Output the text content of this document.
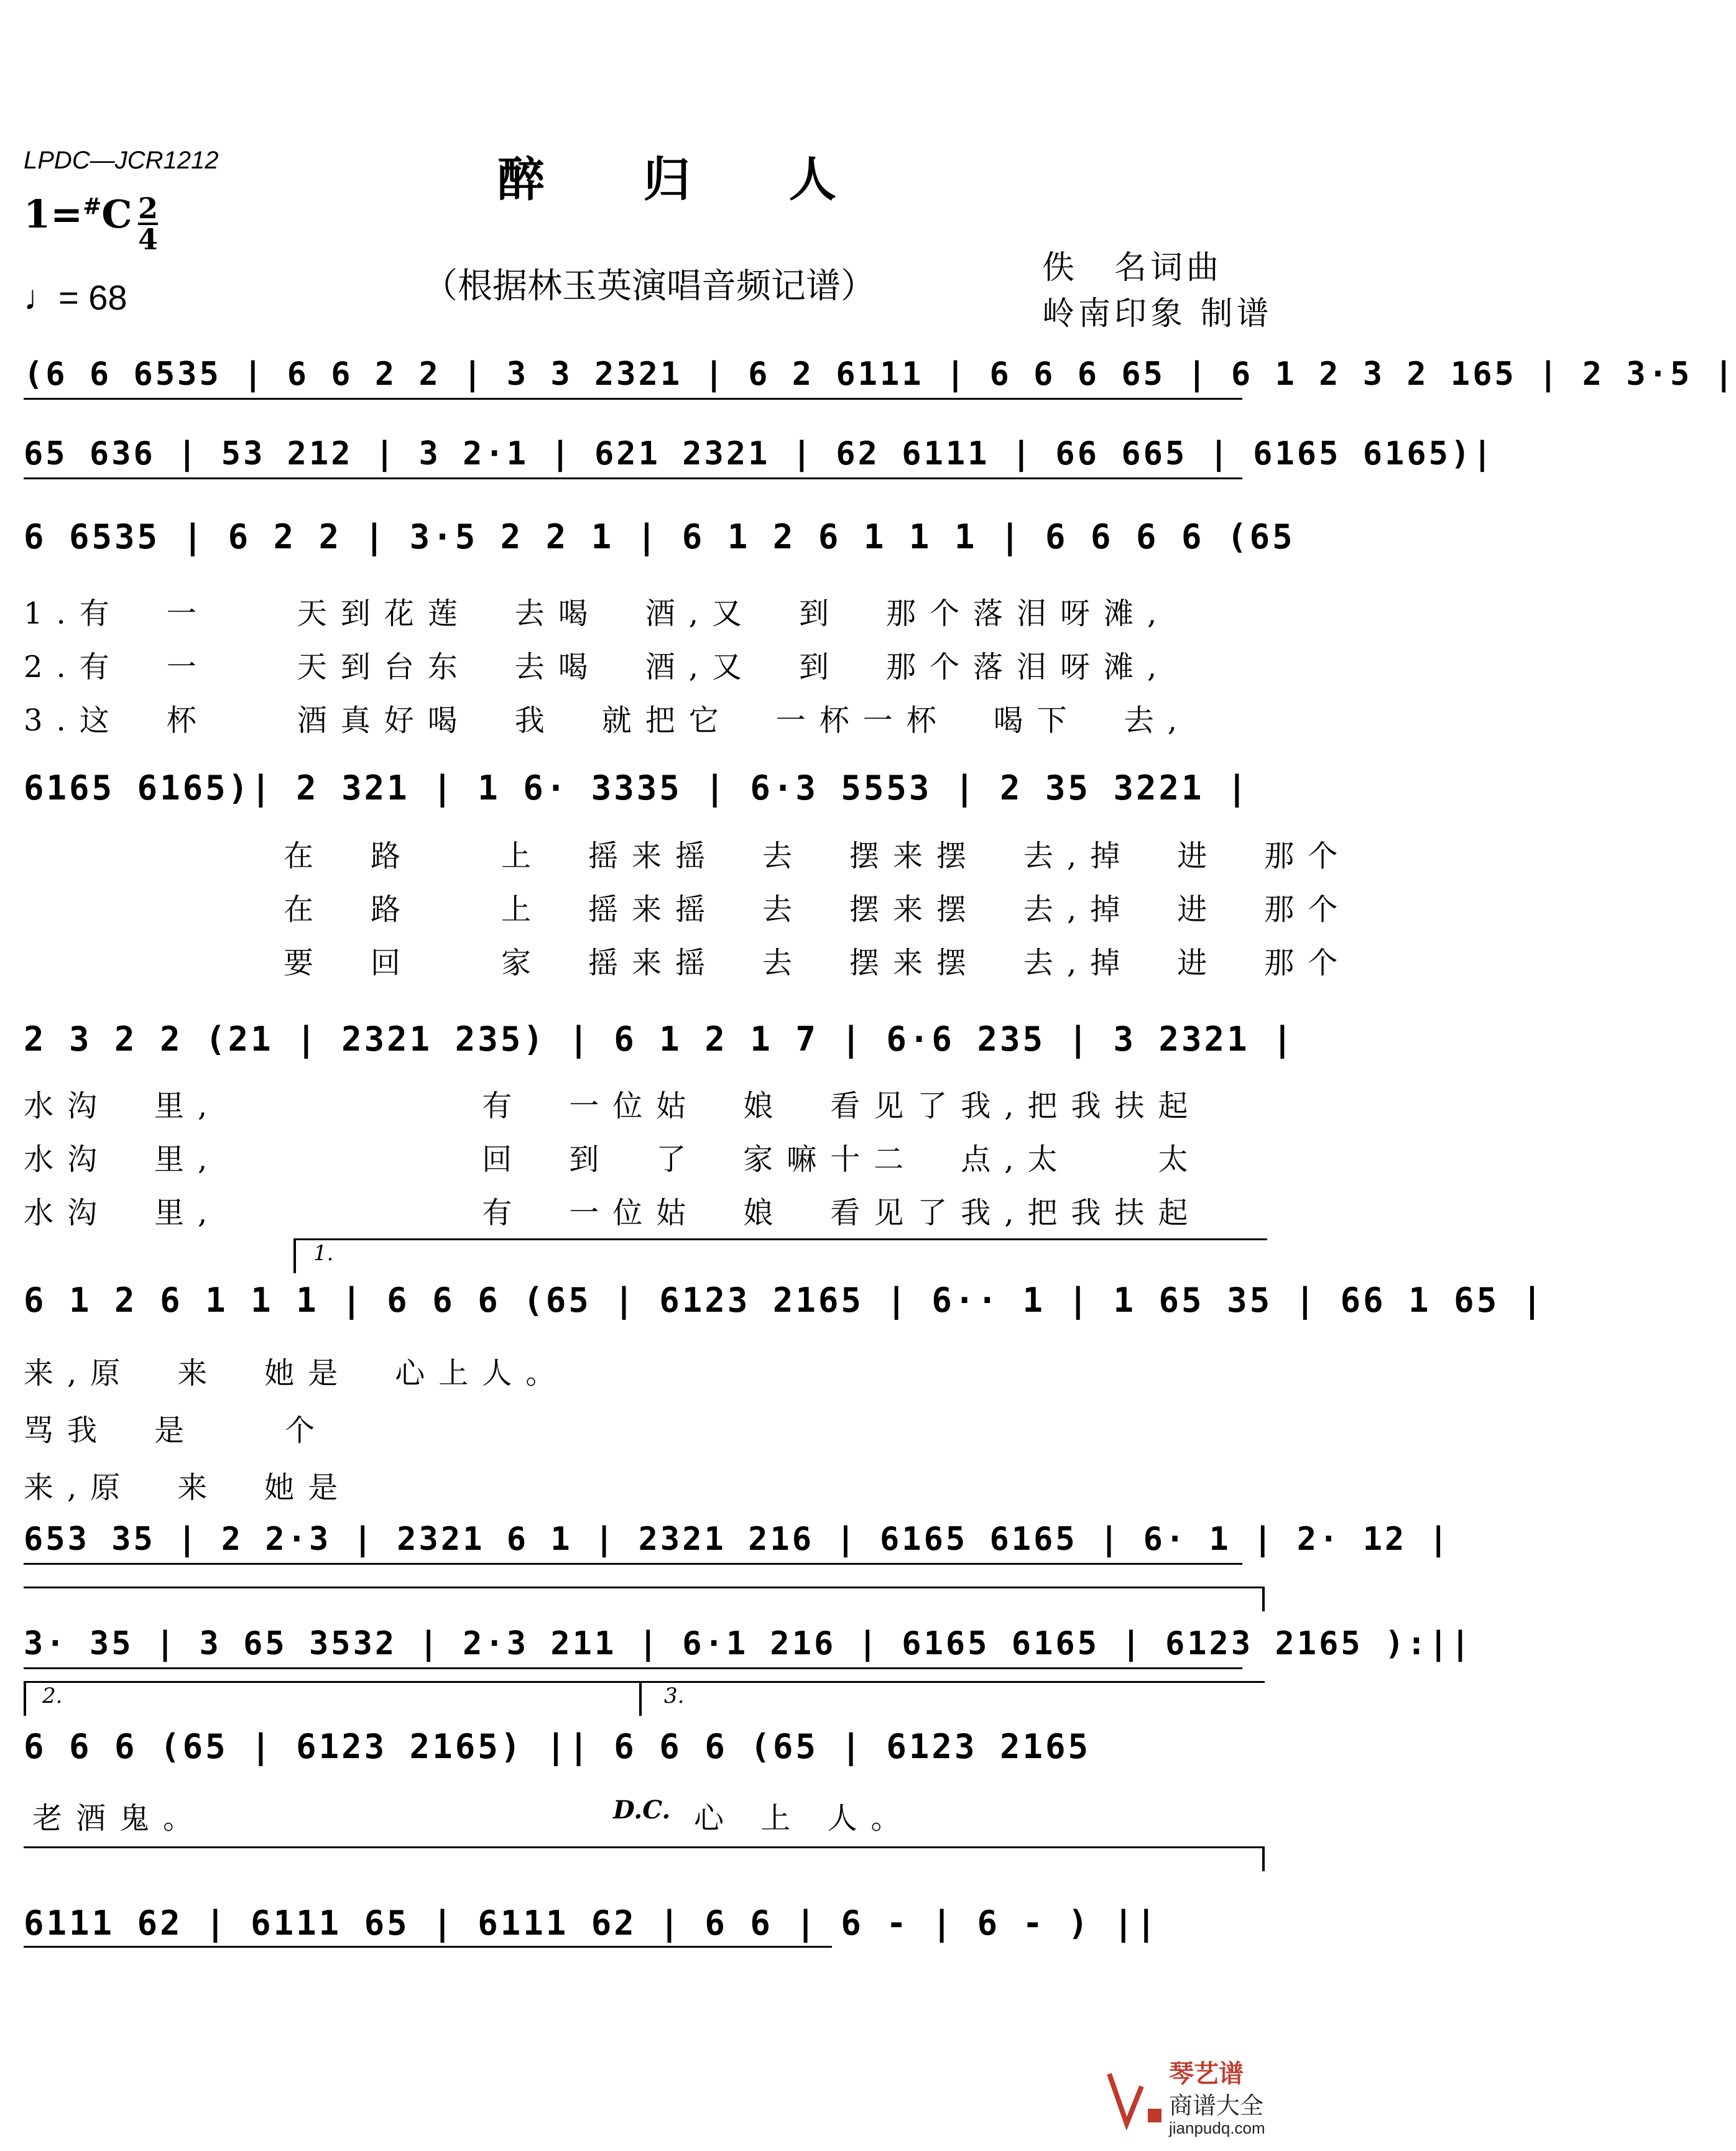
LPDC—JCR1212	醉 归 人
$1=^{\#}C \frac{2}{4}$
♩= 68	（根据林玉英演唱音频记谱）	佚　名词曲
岭南印象 制谱
(6 6 6535 | 6 6 2 2 | 3 3 2321 | 6 2 6111 | 6 6 6 65 | 6 1 2 3 2 165 | 2 3·5 |
65 636 | 53 212 | 3 2·1 | 621 2321 | 62 6111 | 66 665 | 6165 6165)|
6 6535 | 6 2 2 | 3·5 2 2 1 | 6 1 2 6 1 1 1 | 6 6 6 6 (65
1.有　一　　天到花莲　去喝　酒,又　到　那个落泪呀滩,
2.有　一　　天到台东　去喝　酒,又　到　那个落泪呀滩,
3.这　杯　　酒真好喝　我　就把它　一杯一杯　喝下　去,
6165 6165)| 2 321 | 1 6· 3335 | 6·3 5553 | 2 35 3221 |
在　路　　上　摇来摇　去　摆来摆　去,掉　进　那个
在　路　　上　摇来摇　去　摆来摆　去,掉　进　那个
要　回　　家　摇来摇　去　摆来摆　去,掉　进　那个
2 3 2 2 (21 | 2321 235) | 6 1 2 1 7 | 6·6 235 | 3 2321 |
水沟　里,　　　　　　有　一位姑　娘　看见了我,把我扶起
水沟　里,　　　　　　回　到　了　家嘛十二　点,太　　太
水沟　里,　　　　　　有　一位姑　娘　看见了我,把我扶起
1.
6 1 2 6 1 1 1 | 6 6 6 (65 | 6123 2165 | 6·· 1 | 1 65 35 | 66 1 65 |
来,原　来　她是　心上人。
骂我　是　　个
来,原　来　她是
653 35 | 2 2·3 | 2321 6 1 | 2321 216 | 6165 6165 | 6· 1 | 2· 12 |
3· 35 | 3 65 3532 | 2·3 211 | 6·1 216 | 6165 6165 | 6123 2165 ):||
2.	3.
6 6 6 (65 | 6123 2165) || 6 6 6 (65 | 6123 2165
老酒鬼。	D.C. 心 上 人。
6111 62 | 6111 65 | 6111 62 | 6 6 | 6 - | 6 - ) ||
琴艺谱
商谱大全
jianpudq.com
